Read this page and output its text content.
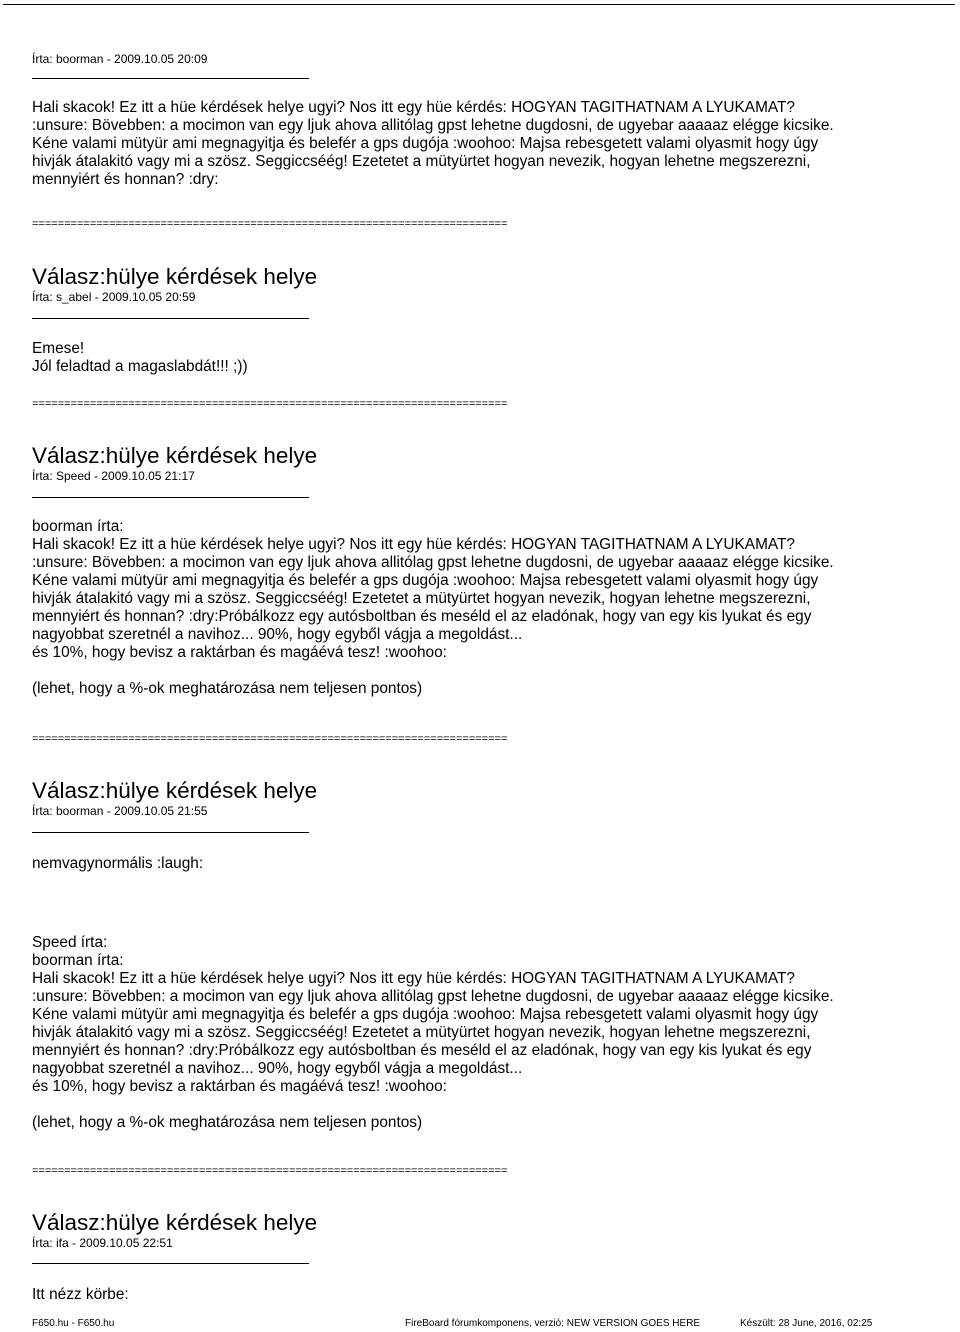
Írta: boorman - 2009.10.05 20:09
Hali skacok! Ez itt a hüe kérdések helye ugyi? Nos itt egy hüe kérdés: HOGYAN TAGITHATNAM A LYUKAMAT?
:unsure: Bövebben: a mocimon van egy ljuk ahova allitólag gpst lehetne dugdosni, de ugyebar aaaaaz elégge kicsike.
Kéne valami mütyür ami megnagyitja és belefér a gps dugója :woohoo: Majsa rebesgetett valami olyasmit hogy úgy
hivják átalakitó vagy mi a szösz. Seggiccséég! Ezetetet a mütyürtet hogyan nevezik, hogyan lehetne megszerezni,
mennyiért és honnan? :dry:
==========================================================================
Válasz:hülye kérdések helye
Írta: s_abel - 2009.10.05 20:59
Emese!
Jól feladtad a magaslabdát!!! ;))
==========================================================================
Válasz:hülye kérdések helye
Írta: Speed - 2009.10.05 21:17
boorman írta:
Hali skacok! Ez itt a hüe kérdések helye ugyi? Nos itt egy hüe kérdés: HOGYAN TAGITHATNAM A LYUKAMAT?
:unsure: Bövebben: a mocimon van egy ljuk ahova allitólag gpst lehetne dugdosni, de ugyebar aaaaaz elégge kicsike.
Kéne valami mütyür ami megnagyitja és belefér a gps dugója :woohoo: Majsa rebesgetett valami olyasmit hogy úgy
hivják átalakitó vagy mi a szösz. Seggiccséég! Ezetetet a mütyürtet hogyan nevezik, hogyan lehetne megszerezni,
mennyiért és honnan? :dry:Próbálkozz egy autósboltban és meséld el az eladónak, hogy van egy kis lyukat és egy
nagyobbat szeretnél a navihoz... 90%, hogy egyből vágja a megoldást...
és 10%, hogy bevisz a raktárban és magáévá tesz! :woohoo:
(lehet, hogy a %-ok meghatározása nem teljesen pontos)
==========================================================================
Válasz:hülye kérdések helye
Írta: boorman - 2009.10.05 21:55
nemvagynormális :laugh:
Speed írta:
boorman írta:
Hali skacok! Ez itt a hüe kérdések helye ugyi? Nos itt egy hüe kérdés: HOGYAN TAGITHATNAM A LYUKAMAT?
:unsure: Bövebben: a mocimon van egy ljuk ahova allitólag gpst lehetne dugdosni, de ugyebar aaaaaz elégge kicsike.
Kéne valami mütyür ami megnagyitja és belefér a gps dugója :woohoo: Majsa rebesgetett valami olyasmit hogy úgy
hivják átalakitó vagy mi a szösz. Seggiccséég! Ezetetet a mütyürtet hogyan nevezik, hogyan lehetne megszerezni,
mennyiért és honnan? :dry:Próbálkozz egy autósboltban és meséld el az eladónak, hogy van egy kis lyukat és egy
nagyobbat szeretnél a navihoz... 90%, hogy egyből vágja a megoldást...
és 10%, hogy bevisz a raktárban és magáévá tesz! :woohoo:
(lehet, hogy a %-ok meghatározása nem teljesen pontos)
==========================================================================
Válasz:hülye kérdések helye
Írta: ifa - 2009.10.05 22:51
Itt nézz körbe:
F650.hu - F650.hu	FireBoard fórumkomponens, verzió: NEW VERSION GOES HERE	Készült: 28 June, 2016, 02:25
